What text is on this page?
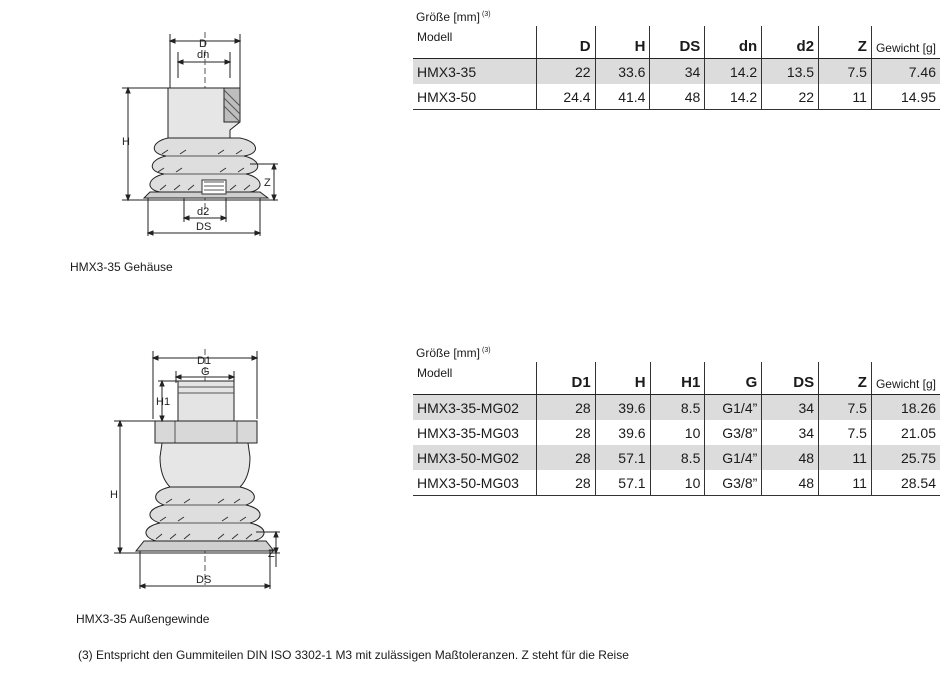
D
dn
H
Z
d2
DS
HMX3-35 Gehäuse
Größe [mm] $^{(3)}$
Modell	D	H	DS	dn	d2	Z	Gewicht [g]
HMX3-35	22	33.6	34	14.2	13.5	7.5	7.46
HMX3-50	24.4	41.4	48	14.2	22	11	14.95
D1
G
H1
H
Z
DS
HMX3-35 Außengewinde
Größe [mm] $^{(3)}$
Modell	D1	H	H1	G	DS	Z	Gewicht [g]
HMX3-35-MG02	28	39.6	8.5	G1/4”	34	7.5	18.26
HMX3-35-MG03	28	39.6	10	G3/8”	34	7.5	21.05
HMX3-50-MG02	28	57.1	8.5	G1/4”	48	11	25.75
HMX3-50-MG03	28	57.1	10	G3/8”	48	11	28.54
(3) Entspricht den Gummiteilen DIN ISO 3302-1 M3 mit zulässigen Maßtoleranzen. Z steht für die Reise
